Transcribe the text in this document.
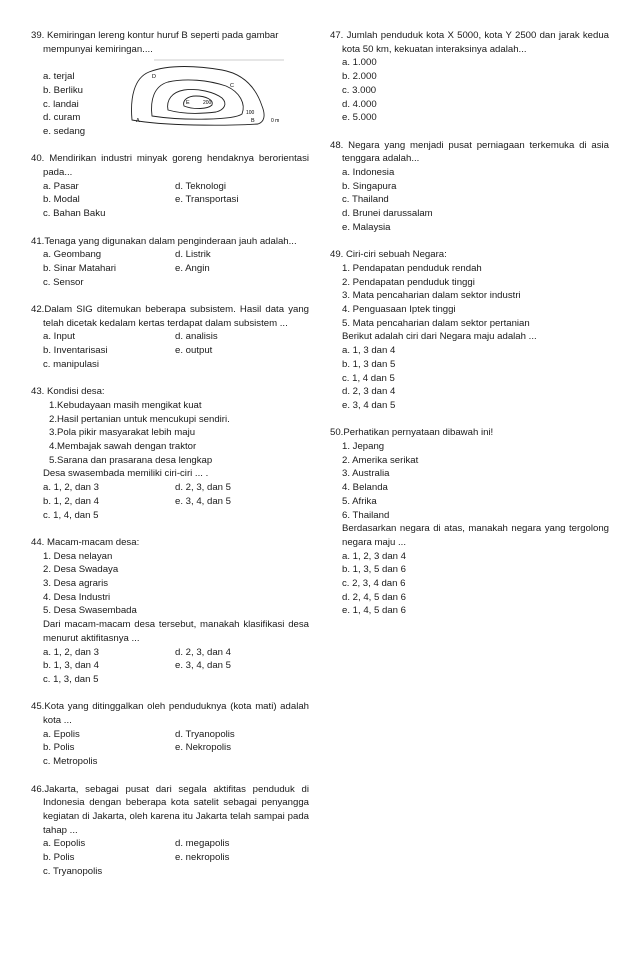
39. Kemiringan lereng kontur huruf B seperti pada gambar
mempunyai kemiringan....
a. terjal
b. Berliku
c. landai
d. curam
e. sedang
40. Mendirikan industri minyak goreng hendaknya berorientasi pada...
a. Pasar	d. Teknologi
b. Modal	e. Transportasi
c. Bahan Baku
41.Tenaga yang digunakan dalam penginderaan jauh adalah...
a. Geombang	d. Listrik
b. Sinar Matahari	e. Angin
c. Sensor
42.Dalam SIG ditemukan beberapa subsistem. Hasil data yang telah dicetak kedalam kertas terdapat dalam subsistem ...
a. Input	d. analisis
b. Inventarisasi	e. output
c. manipulasi
43. Kondisi desa:
1.Kebudayaan masih mengikat kuat
2.Hasil pertanian untuk mencukupi sendiri.
3.Pola pikir masyarakat lebih maju
4.Membajak sawah dengan traktor
5.Sarana dan prasarana desa lengkap
Desa swasembada memiliki ciri-ciri ... .
a. 1, 2, dan 3	d. 2, 3, dan 5
b. 1, 2, dan 4	e. 3, 4, dan 5
c. 1, 4, dan 5
44. Macam-macam desa:
1. Desa nelayan
2. Desa Swadaya
3. Desa agraris
4. Desa Industri
5. Desa Swasembada
Dari macam-macam desa tersebut, manakah klasifikasi desa menurut aktifitasnya ...
a. 1, 2, dan 3	d. 2, 3, dan 4
b. 1, 3, dan 4	e. 3, 4, dan 5
c. 1, 3, dan 5
45.Kota yang ditinggalkan oleh penduduknya (kota mati) adalah kota ...
a. Epolis	d. Tryanopolis
b. Polis	e. Nekropolis
c. Metropolis
46.Jakarta, sebagai pusat dari segala aktifitas penduduk di Indonesia dengan beberapa kota satelit sebagai penyangga kegiatan di Jakarta, oleh karena itu Jakarta telah sampai pada tahap ...
a. Eopolis	d. megapolis
b. Polis	e. nekropolis
c. Tryanopolis
D
C
E	200
100
A	B	0 m
47. Jumlah penduduk kota X 5000, kota Y 2500 dan jarak kedua kota 50 km, kekuatan interaksinya adalah...
a. 1.000
b. 2.000
c. 3.000
d. 4.000
e. 5.000
48. Negara yang menjadi pusat perniagaan terkemuka di asia tenggara adalah...
a. Indonesia
b. Singapura
c. Thailand
d. Brunei darussalam
e. Malaysia
49. Ciri-ciri sebuah Negara:
1. Pendapatan penduduk rendah
2. Pendapatan penduduk tinggi
3. Mata pencaharian dalam sektor industri
4. Penguasaan Iptek tinggi
5. Mata pencaharian dalam sektor pertanian
Berikut adalah ciri dari Negara maju adalah ...
a. 1, 3 dan 4
b. 1, 3 dan 5
c. 1, 4 dan 5
d. 2, 3 dan 4
e. 3, 4 dan 5
50.Perhatikan pernyataan dibawah ini!
1. Jepang
2. Amerika serikat
3. Australia
4. Belanda
5. Afrika
6. Thailand
Berdasarkan negara di atas, manakah negara yang tergolong negara maju ...
a. 1, 2, 3 dan 4
b. 1, 3, 5 dan 6
c. 2, 3, 4 dan 6
d. 2, 4, 5 dan 6
e. 1, 4, 5 dan 6
